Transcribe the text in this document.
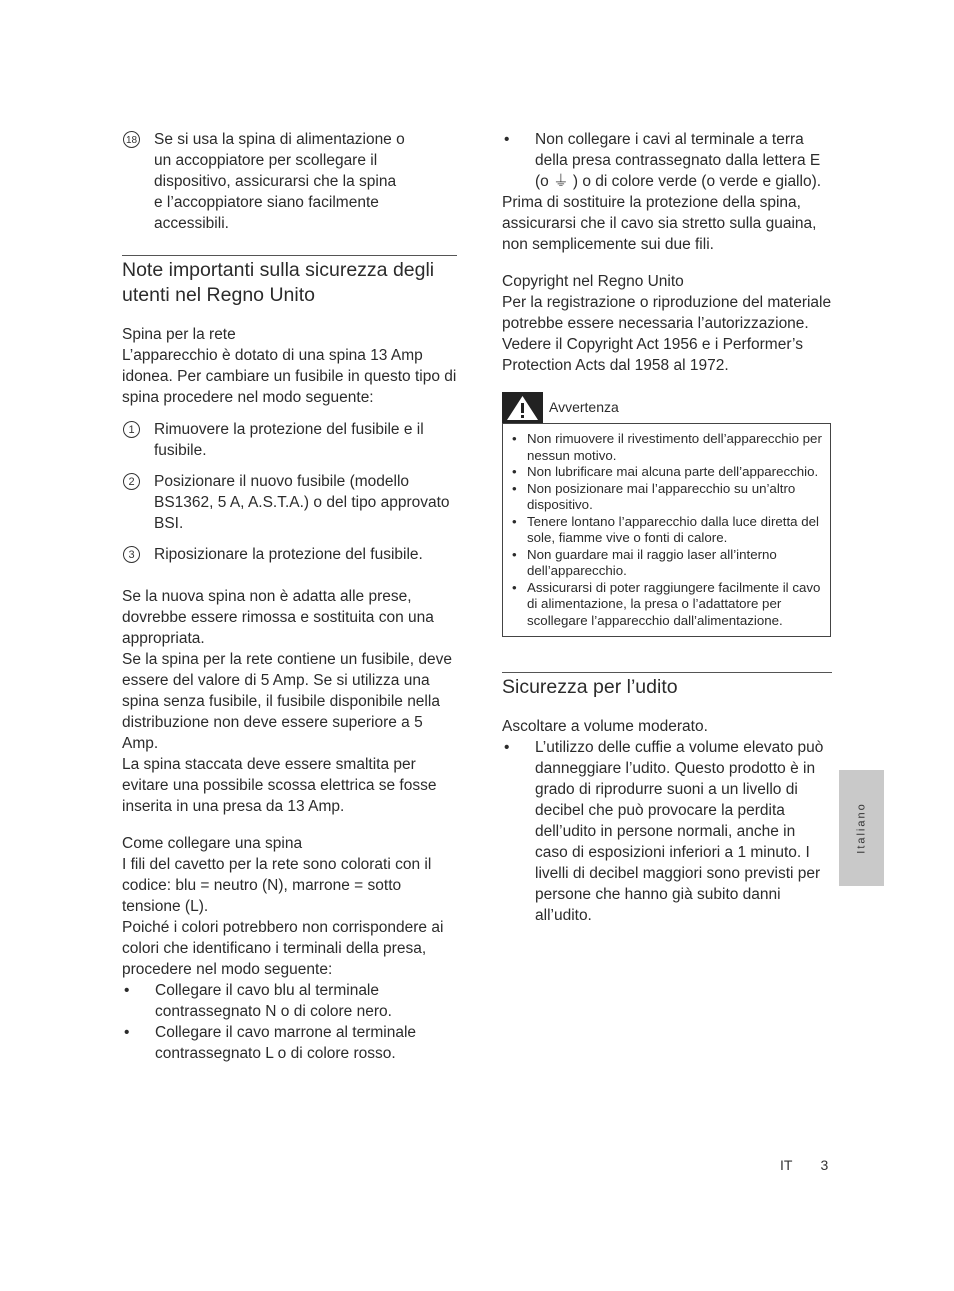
18 Se si usa la spina di alimentazione o un accoppiatore per scollegare il dispositivo, assicurarsi che la spina e l’accoppiatore siano facilmente accessibili.
Note importanti sulla sicurezza degli utenti nel Regno Unito

Spina per la rete

L’apparecchio è dotato di una spina 13 Amp idonea. Per cambiare un fusibile in questo tipo di spina procedere nel modo seguente:

1	Rimuovere la protezione del fusibile e il fusibile.
2	Posizionare il nuovo fusibile (modello BS1362, 5 A, A.S.T.A.) o del tipo approvato BSI.
3	Riposizionare la protezione del fusibile.

Se la nuova spina non è adatta alle prese, dovrebbe essere rimossa e sostituita con una appropriata.

Se la spina per la rete contiene un fusibile, deve essere del valore di 5 Amp. Se si utilizza una spina senza fusibile, il fusibile disponibile nella distribuzione non deve essere superiore a 5 Amp.

La spina staccata deve essere smaltita per evitare una possibile scossa elettrica se fosse inserita in una presa da 13 Amp.

Come collegare una spina

I fili del cavetto per la rete sono colorati con il codice: blu = neutro (N), marrone = sotto tensione (L).

Poiché i colori potrebbero non corrispondere ai colori che identificano i terminali della presa, procedere nel modo seguente:

• Collegare il cavo blu al terminale contrassegnato N o di colore nero.
• Collegare il cavo marrone al terminale contrassegnato L o di colore rosso.
• Non collegare i cavi al terminale a terra della presa contrassegnato dalla lettera E (o ⏚ ) o di colore verde (o verde e giallo).

Prima di sostituire la protezione della spina, assicurarsi che il cavo sia stretto sulla guaina, non semplicemente sui due fili.

Copyright nel Regno Unito

Per la registrazione o riproduzione del materiale potrebbe essere necessaria l’autorizzazione. Vedere il Copyright Act 1956 e i Performer’s Protection Acts dal 1958 al 1972.

Avvertenza
• Non rimuovere il rivestimento dell’apparecchio per nessun motivo.
• Non lubrificare mai alcuna parte dell’apparecchio.
• Non posizionare mai l’apparecchio su un’altro dispositivo.
• Tenere lontano l’apparecchio dalla luce diretta del sole, fiamme vive o fonti di calore.
• Non guardare mai il raggio laser all’interno dell’apparecchio.
• Assicurarsi di poter raggiungere facilmente il cavo di alimentazione, la presa o l’adattatore per scollegare l’apparecchio dall’alimentazione.
Sicurezza per l’udito

Ascoltare a volume moderato.

• L’utilizzo delle cuffie a volume elevato può danneggiare l’udito. Questo prodotto è in grado di riprodurre suoni a un livello di decibel che può provocare la perdita dell’udito in persone normali, anche in caso di esposizioni inferiori a 1 minuto. I livelli di decibel maggiori sono previsti per persone che hanno già subito danni all’udito.
Italiano
IT 3
